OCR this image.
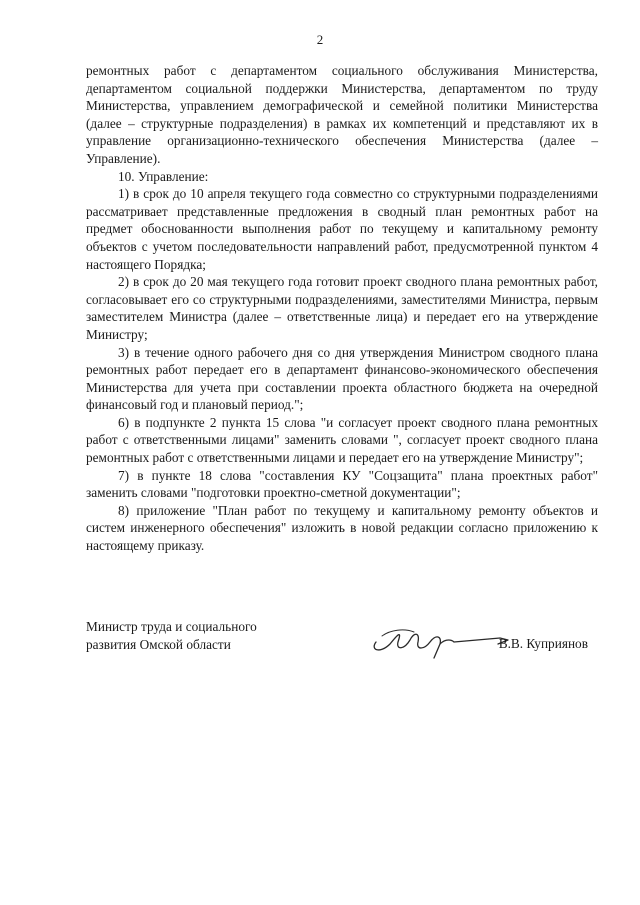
2

ремонтных работ с департаментом социального обслуживания Министерства, департаментом социальной поддержки Министерства, департаментом по труду Министерства, управлением демографической и семейной политики Министерства (далее – структурные подразделения) в рамках их компетенций и представляют их в управление организационно-технического обеспечения Министерства (далее – Управление).

10. Управление:

1) в срок до 10 апреля текущего года совместно со структурными подразделениями рассматривает представленные предложения в сводный план ремонтных работ на предмет обоснованности выполнения работ по текущему и капитальному ремонту объектов с учетом последовательности направлений работ, предусмотренной пунктом 4 настоящего Порядка;

2) в срок до 20 мая текущего года готовит проект сводного плана ремонтных работ, согласовывает его со структурными подразделениями, заместителями Министра, первым заместителем Министра (далее – ответственные лица) и передает его на утверждение Министру;

3) в течение одного рабочего дня со дня утверждения Министром сводного плана ремонтных работ передает его в департамент финансово-экономического обеспечения Министерства для учета при составлении проекта областного бюджета на очередной финансовый год и плановый период.";

6) в подпункте 2 пункта 15 слова "и согласует проект сводного плана ремонтных работ с ответственными лицами" заменить словами ", согласует проект сводного плана ремонтных работ с ответственными лицами и передает его на утверждение Министру";

7) в пункте 18 слова "составления КУ "Соцзащита" плана проектных работ" заменить словами "подготовки проектно-сметной документации";

8) приложение "План работ по текущему и капитальному ремонту объектов и систем инженерного обеспечения" изложить в новой редакции согласно приложению к настоящему приказу.

Министр труда и социального
развития Омской области	В.В. Куприянов
